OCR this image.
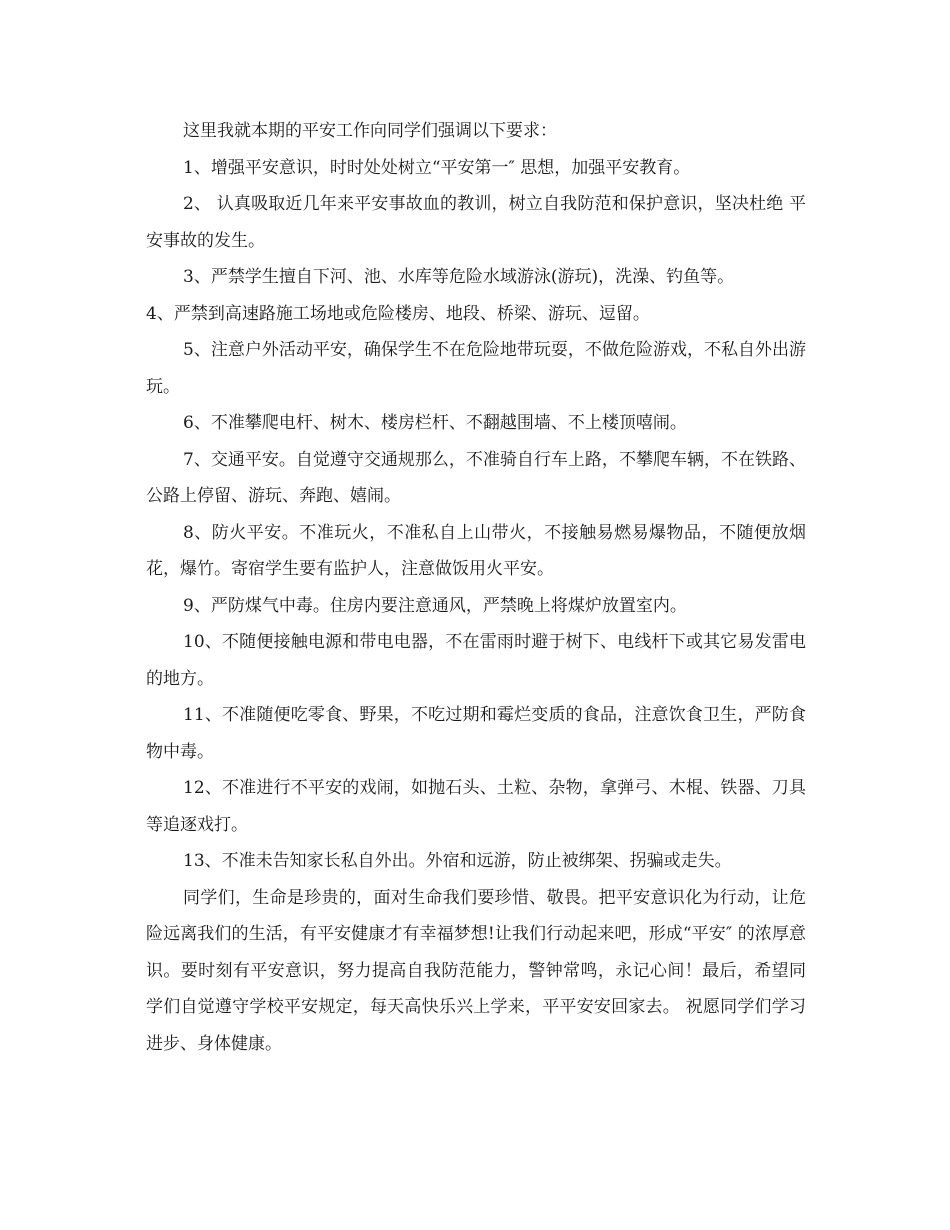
这里我就本期的平安工作向同学们强调以下要求：

1、增强平安意识，时时处处树立“平安第一″ 思想，加强平安教育。

2、 认真吸取近几年来平安事故血的教训，树立自我防范和保护意识，坚决杜绝 平安事故的发生。

3、严禁学生擅自下河、池、水库等危险水域游泳(游玩)，洗澡、钓鱼等。

4、严禁到高速路施工场地或危险楼房、地段、桥梁、游玩、逗留。

5、注意户外活动平安，确保学生不在危险地带玩耍，不做危险游戏，不私自外出游玩。

6、不准攀爬电杆、树木、楼房栏杆、不翻越围墙、不上楼顶嘻闹。

7、交通平安。自觉遵守交通规那么，不准骑自行车上路，不攀爬车辆，不在铁路、公路上停留、游玩、奔跑、嬉闹。

8、防火平安。不准玩火，不准私自上山带火，不接触易燃易爆物品，不随便放烟花，爆竹。寄宿学生要有监护人，注意做饭用火平安。

9、严防煤气中毒。住房内要注意通风，严禁晚上将煤炉放置室内。

10、不随便接触电源和带电电器，不在雷雨时避于树下、电线杆下或其它易发雷电的地方。

11、不准随便吃零食、野果，不吃过期和霉烂变质的食品，注意饮食卫生，严防食物中毒。

12、不准进行不平安的戏闹，如抛石头、土粒、杂物，拿弹弓、木棍、铁器、刀具等追逐戏打。

13、不准未告知家长私自外出。外宿和远游，防止被绑架、拐骗或走失。

同学们，生命是珍贵的，面对生命我们要珍惜、敬畏。把平安意识化为行动，让危险远离我们的生活，有平安健康才有幸福梦想!让我们行动起来吧，形成“平安″ 的浓厚意识。要时刻有平安意识，努力提高自我防范能力，警钟常鸣，永记心间！最后，希望同学们自觉遵守学校平安规定，每天高快乐兴上学来，平平安安回家去。 祝愿同学们学习进步、身体健康。
